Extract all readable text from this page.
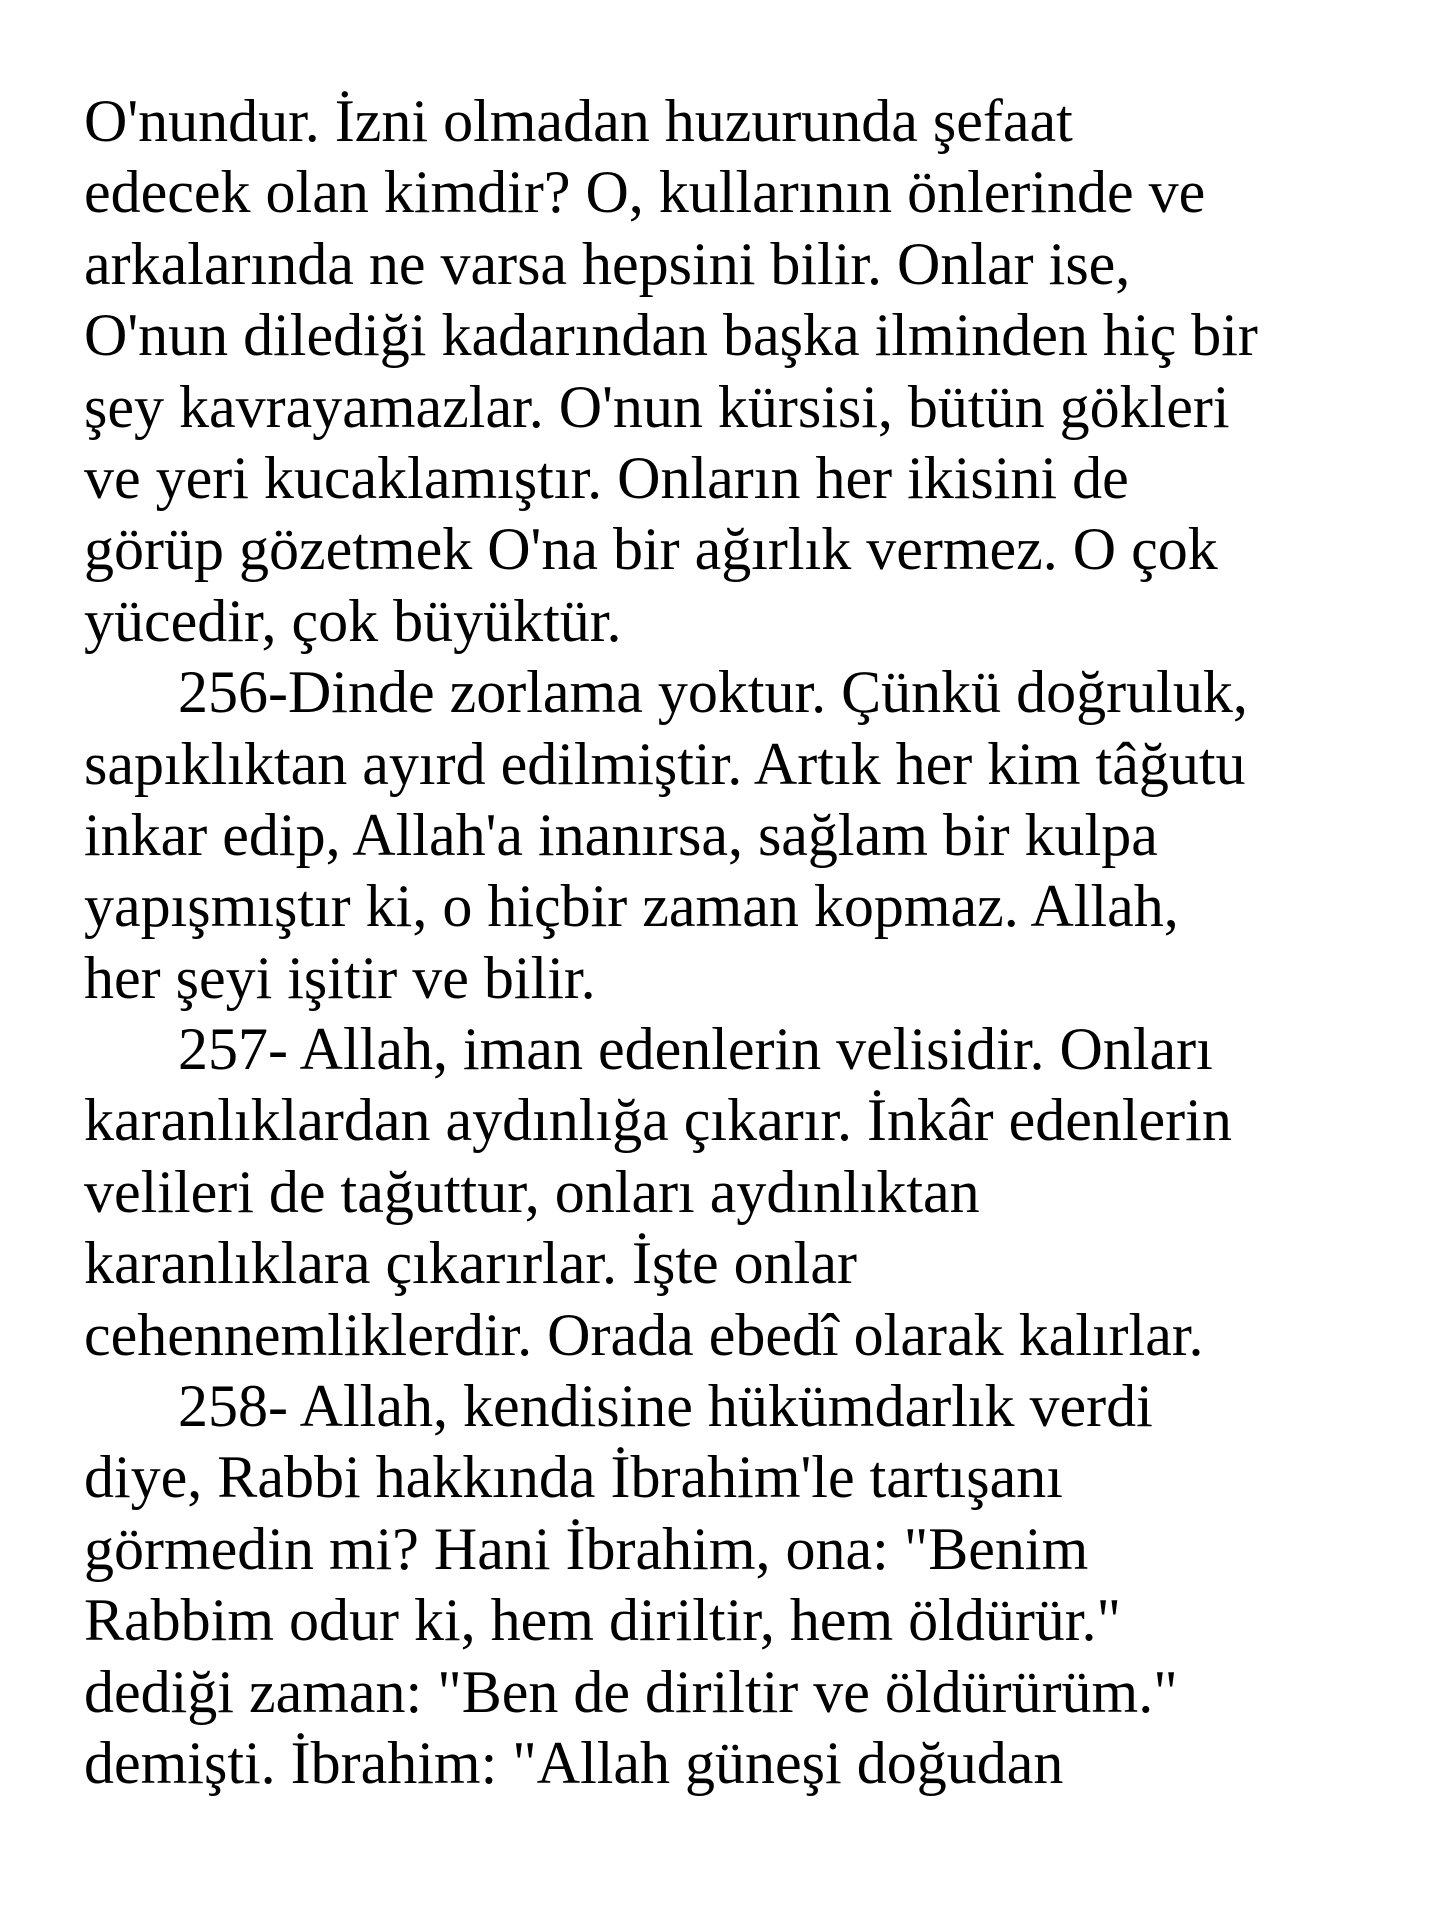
O'nundur. İzni olmadan huzurunda şefaat
edecek olan kimdir? O, kullarının önlerinde ve
arkalarında ne varsa hepsini bilir. Onlar ise,
O'nun dilediği kadarından başka ilminden hiç bir
şey kavrayamazlar. O'nun kürsisi, bütün gökleri
ve yeri kucaklamıştır. Onların her ikisini de
görüp gözetmek O'na bir ağırlık vermez. O çok
yücedir, çok büyüktür.
256-Dinde zorlama yoktur. Çünkü doğruluk,
sapıklıktan ayırd edilmiştir. Artık her kim tâğutu
inkar edip, Allah'a inanırsa, sağlam bir kulpa
yapışmıştır ki, o hiçbir zaman kopmaz. Allah,
her şeyi işitir ve bilir.
257- Allah, iman edenlerin velisidir. Onları
karanlıklardan aydınlığa çıkarır. İnkâr edenlerin
velileri de tağuttur, onları aydınlıktan
karanlıklara çıkarırlar. İşte onlar
cehennemliklerdir. Orada ebedî olarak kalırlar.
258- Allah, kendisine hükümdarlık verdi
diye, Rabbi hakkında İbrahim'le tartışanı
görmedin mi? Hani İbrahim, ona: "Benim
Rabbim odur ki, hem diriltir, hem öldürür."
dediği zaman: "Ben de diriltir ve öldürürüm."
demişti. İbrahim: "Allah güneşi doğudan
